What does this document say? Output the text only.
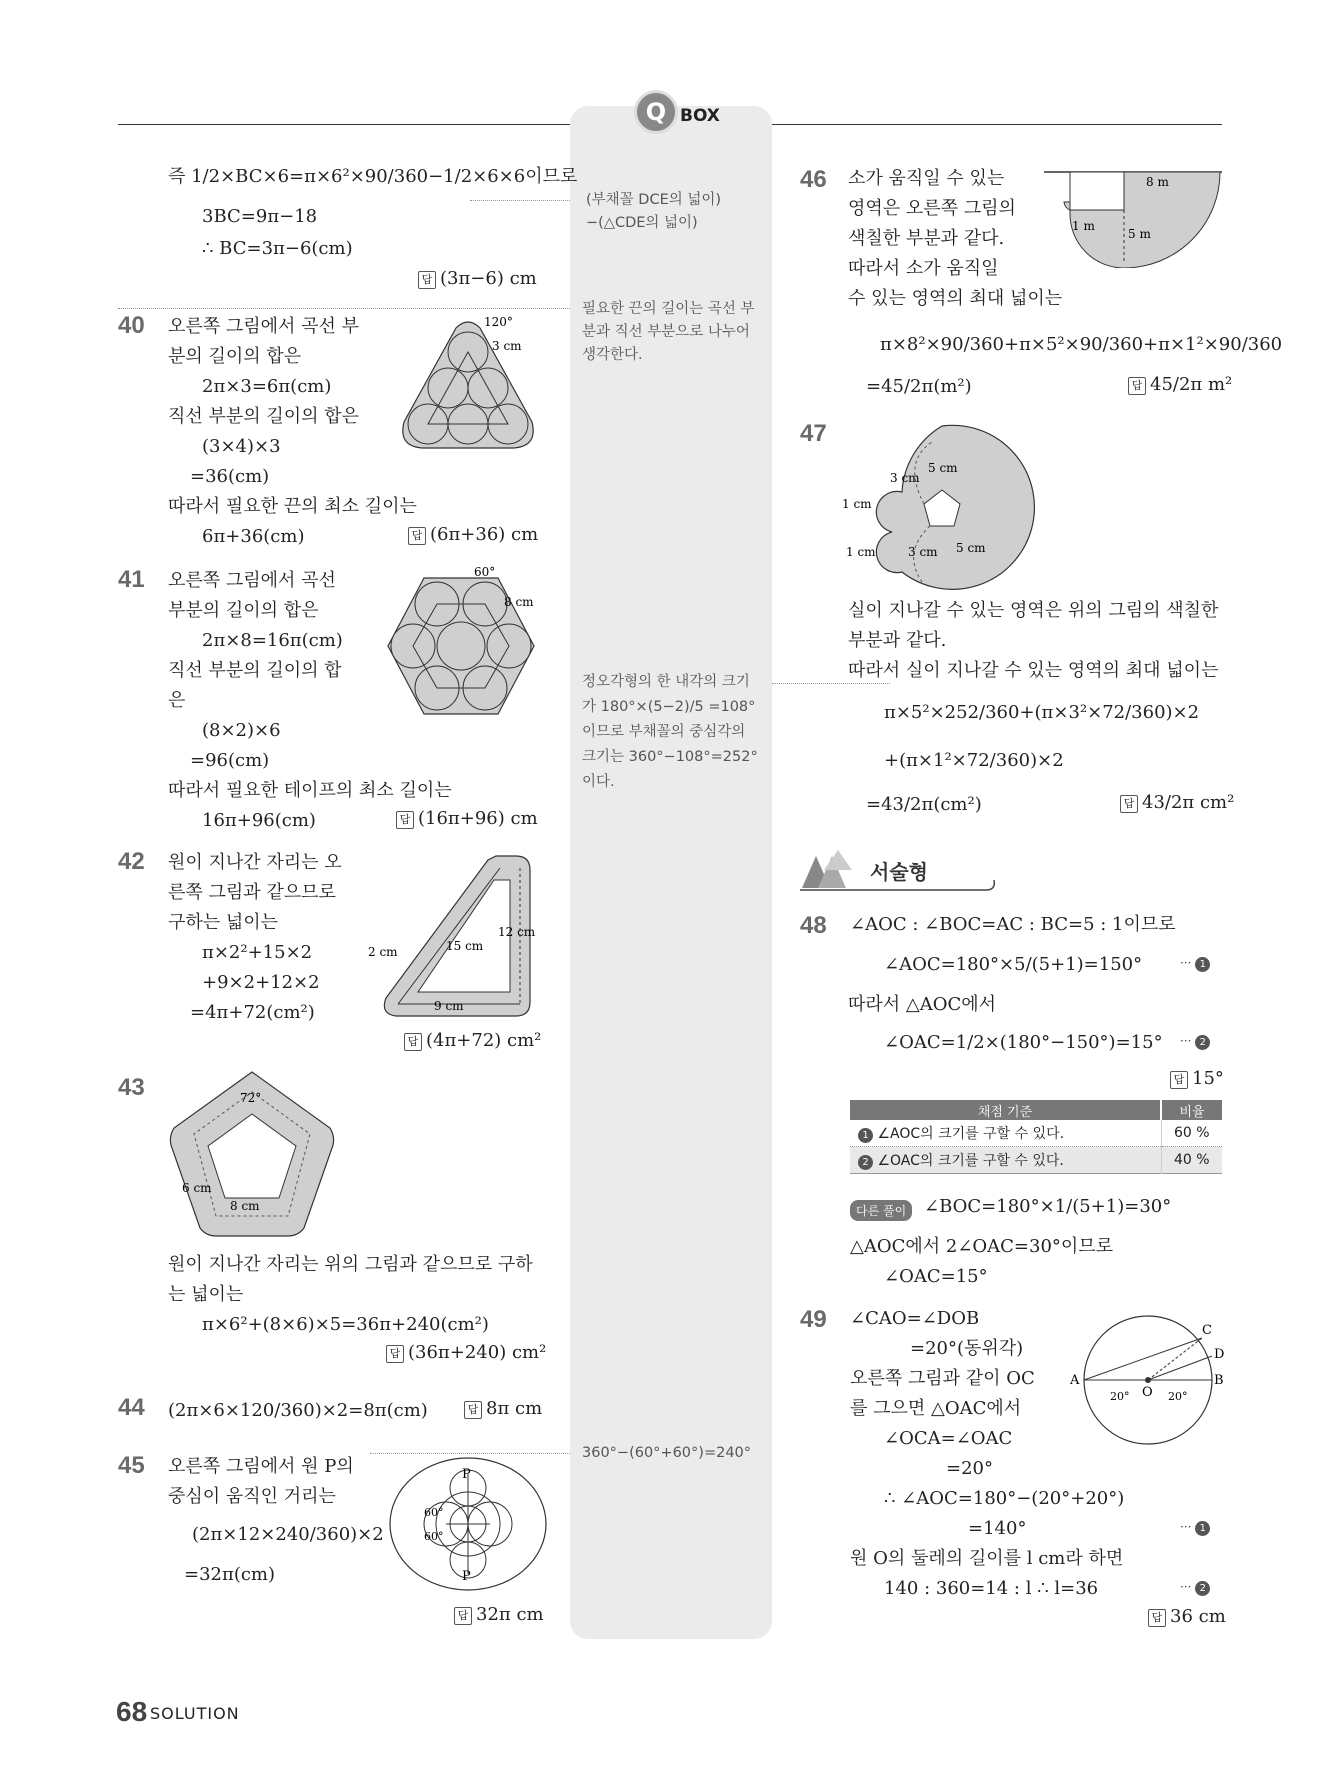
Q BOX
(부채꼴 DCE의 넓이)
−(△CDE의 넓이)
필요한 끈의 길이는 곡선 부
분과 직선 부분으로 나누어
생각한다.
정오각형의 한 내각의 크기
가 180°×(5−2)/5 =108°
이므로 부채꼴의 중심각의
크기는 360°−108°=252°
이다.
360°−(60°+60°)=240°
즉 1/2×BC×6=π×6²×90/360−1/2×6×6이므로
3BC=9π−18
∴ BC=3π−6(cm)
답 (3π−6) cm
40 오른쪽 그림에서 곡선 부
분의 길이의 합은
2π×3=6π(cm)
직선 부분의 길이의 합은
(3×4)×3
=36(cm)
따라서 필요한 끈의 최소 길이는
6π+36(cm)	답 (6π+36) cm
120°
3 cm
41 오른쪽 그림에서 곡선
부분의 길이의 합은
2π×8=16π(cm)
직선 부분의 길이의 합
은
(8×2)×6
=96(cm)
따라서 필요한 테이프의 최소 길이는
16π+96(cm)	답 (16π+96) cm
60°
8 cm
42 원이 지나간 자리는 오
른쪽 그림과 같으므로
구하는 넓이는
π×2²+15×2
+9×2+12×2
=4π+72(cm²)
답 (4π+72) cm²
2 cm	15 cm
12 cm
9 cm
43	72°
6 cm
8 cm
원이 지나간 자리는 위의 그림과 같으므로 구하
는 넓이는
π×6²+(8×6)×5=36π+240(cm²)
답 (36π+240) cm²
44 (2π×6×120/360)×2=8π(cm)	답 8π cm
45 오른쪽 그림에서 원 P의
중심이 움직인 거리는
(2π×12×240/360)×2
=32π(cm)
답 32π cm
P
60°
60°
P
68 SOLUTION
46 소가 움직일 수 있는
영역은 오른쪽 그림의
색칠한 부분과 같다.
따라서 소가 움직일
수 있는 영역의 최대 넓이는
π×8²×90/360+π×5²×90/360+π×1²×90/360
=45/2π(m²)	답 45/2π m²
8 m
1 m
5 m
47
5 cm
3 cm
1 cm
1 cm	3 cm 5 cm
실이 지나갈 수 있는 영역은 위의 그림의 색칠한
부분과 같다.
따라서 실이 지나갈 수 있는 영역의 최대 넓이는
π×5²×252/360+(π×3²×72/360)×2
+(π×1²×72/360)×2
=43/2π(cm²)	답 43/2π cm²
서술형
48 ∠AOC : ∠BOC=AC : BC=5 : 1이므로
∠AOC=180°×5/(5+1)=150°	··· 1
따라서 △AOC에서
∠OAC=1/2×(180°−150°)=15° ··· 2
답 15°
채점 기준	비율
1 ∠AOC의 크기를 구할 수 있다.	60 %
2 ∠OAC의 크기를 구할 수 있다.	40 %
다른 풀이 ∠BOC=180°×1/(5+1)=30°
△AOC에서 2∠OAC=30°이므로
∠OAC=15°
49 ∠CAO=∠DOB
=20°(동위각)
오른쪽 그림과 같이 OC
를 그으면 △OAC에서
∠OCA=∠OAC
=20°
∴ ∠AOC=180°−(20°+20°)
=140°	··· 1
원 O의 둘레의 길이를 l cm라 하면
140 : 360=14 : l ∴ l=36	··· 2
답 36 cm
A
O
B
C
D
20°	20°
